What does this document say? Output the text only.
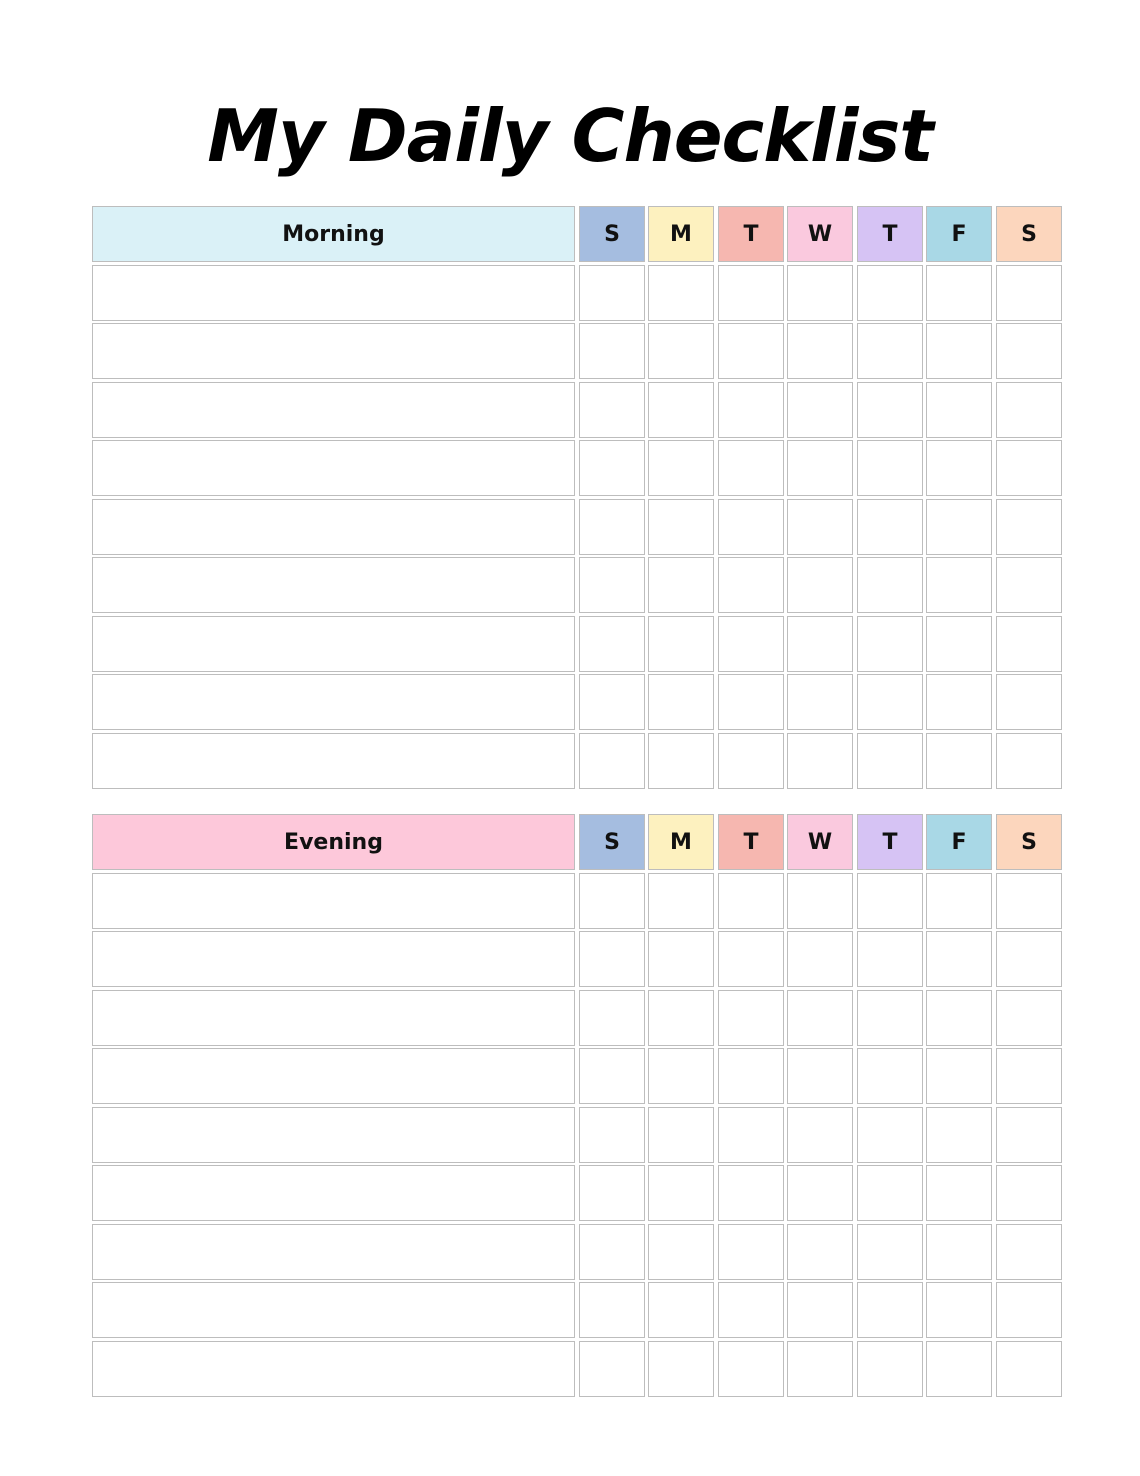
My Daily Checklist
Morning	S	M	T	W	T	F	S
Evening	S	M	T	W	T	F	S
